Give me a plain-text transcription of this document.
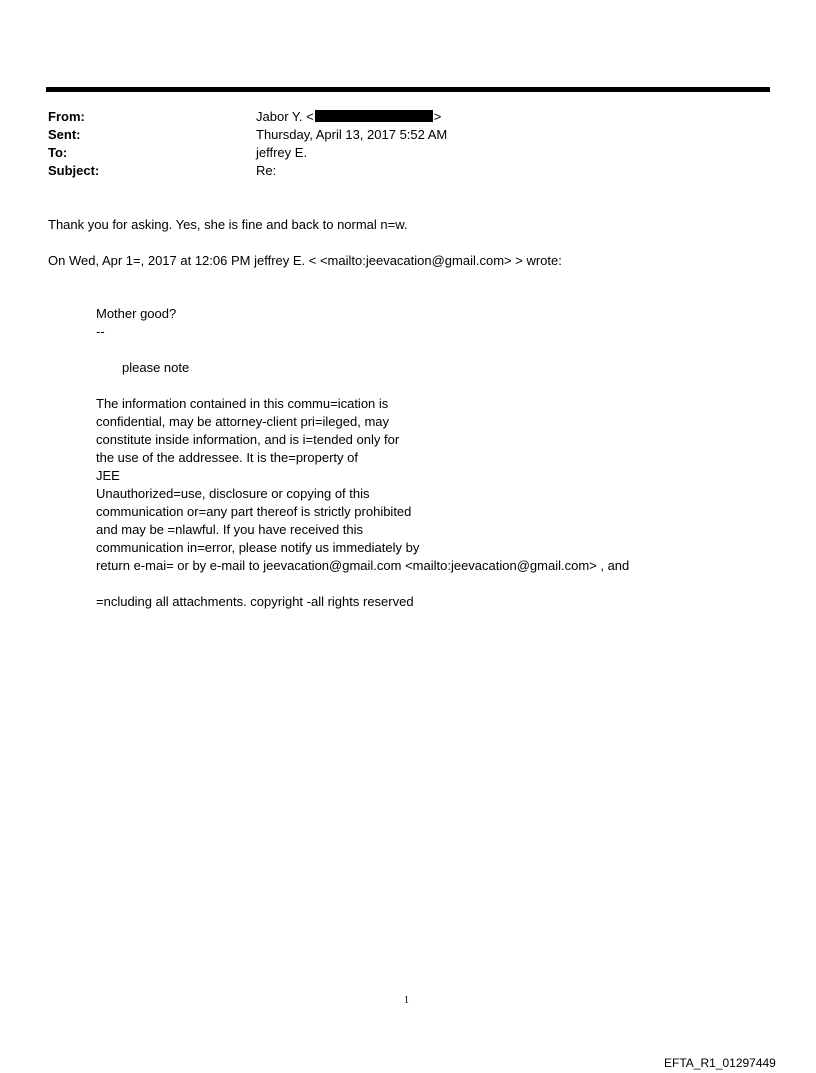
From:	Jabor Y. <	>
Sent:	Thursday, April 13, 2017 5:52 AM
To:	jeffrey E.
Subject:	Re:
Thank you for asking. Yes, she is fine and back to normal n=w.
On Wed, Apr 1=, 2017 at 12:06 PM jeffrey E. < <mailto:jeevacation@gmail.com> > wrote:
Mother good?
--
please note
The information contained in this commu=ication is
confidential, may be attorney-client pri=ileged, may
constitute inside information, and is i=tended only for
the use of the addressee. It is the=property of
JEE
Unauthorized=use, disclosure or copying of this
communication or=any part thereof is strictly prohibited
and may be =nlawful. If you have received this
communication in=error, please notify us immediately by
return e-mai= or by e-mail to jeevacation@gmail.com <mailto:jeevacation@gmail.com> , and
=ncluding all attachments. copyright -all rights reserved
1
EFTA_R1_01297449
